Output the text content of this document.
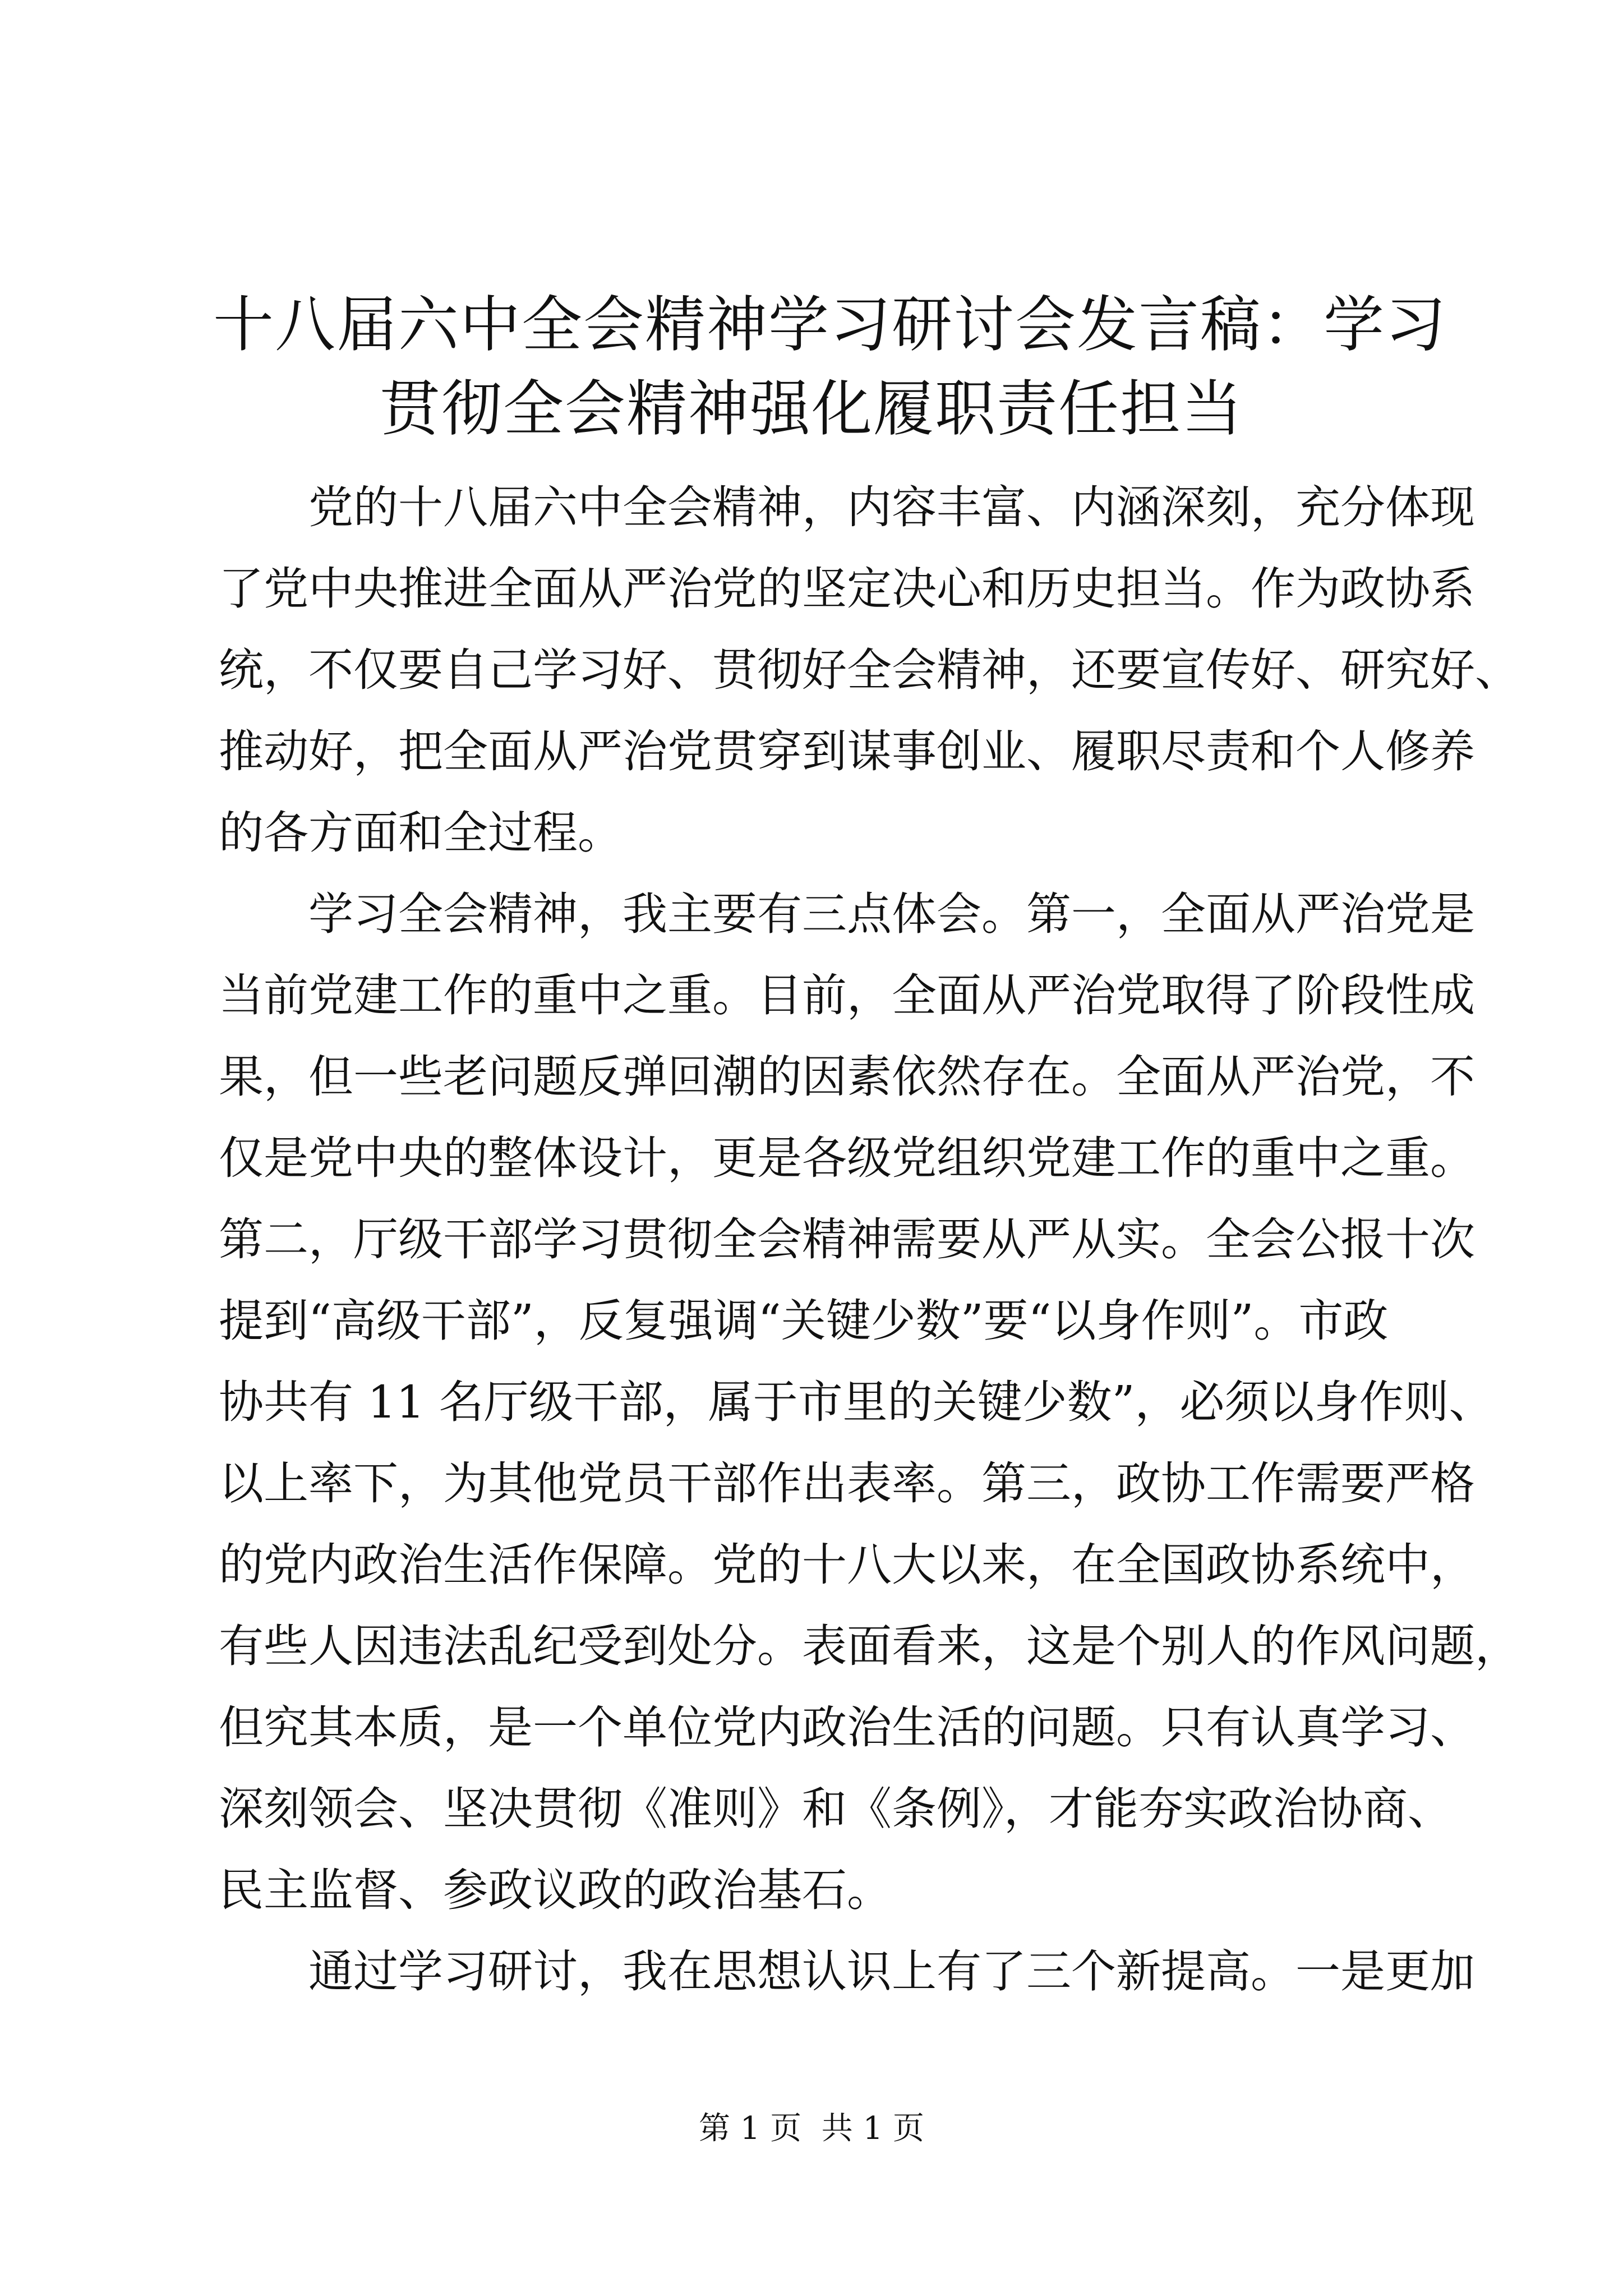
十八届六中全会精神学习研讨会发言稿：学习
贯彻全会精神强化履职责任担当

党的十八届六中全会精神，内容丰富、内涵深刻，充分体现

了党中央推进全面从严治党的坚定决心和历史担当。作为政协系

统，不仅要自己学习好、贯彻好全会精神，还要宣传好、研究好、

推动好，把全面从严治党贯穿到谋事创业、履职尽责和个人修养

的各方面和全过程。

学习全会精神，我主要有三点体会。第一，全面从严治党是

当前党建工作的重中之重。目前，全面从严治党取得了阶段性成

果，但一些老问题反弹回潮的因素依然存在。全面从严治党，不

仅是党中央的整体设计，更是各级党组织党建工作的重中之重。

第二，厅级干部学习贯彻全会精神需要从严从实。全会公报十次

提到“高级干部”，反复强调“关键少数”要“以身作则”。市政

协共有 11 名厅级干部，属于市里的关键少数”，必须以身作则、

以上率下，为其他党员干部作出表率。第三，政协工作需要严格

的党内政治生活作保障。党的十八大以来，在全国政协系统中，

有些人因违法乱纪受到处分。表面看来，这是个别人的作风问题，

但究其本质，是一个单位党内政治生活的问题。只有认真学习、

深刻领会、坚决贯彻《准则》和《条例》，才能夯实政治协商、

民主监督、参政议政的政治基石。

通过学习研讨，我在思想认识上有了三个新提高。一是更加

第 1 页  共 1 页
